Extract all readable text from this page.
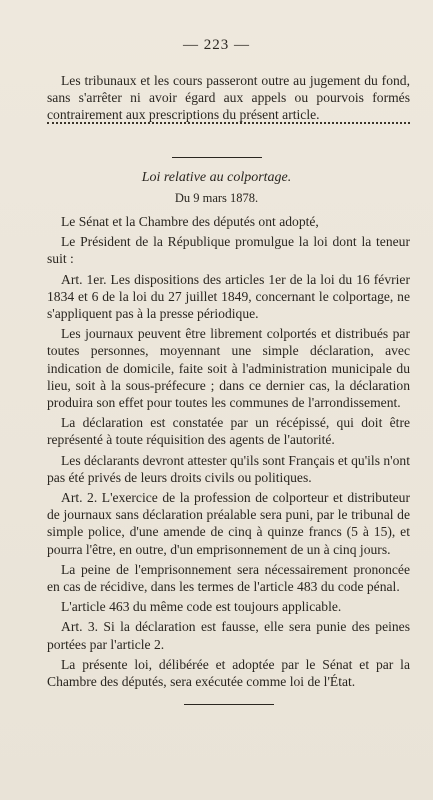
— 223 —

Les tribunaux et les cours passeront outre au jugement du fond, sans s'arrêter ni avoir égard aux appels ou pourvois formés contrairement aux prescriptions du présent article.

Loi relative au colportage.
Du 9 mars 1878.

Le Sénat et la Chambre des députés ont adopté,

Le Président de la République promulgue la loi dont la teneur suit :

Art. 1er. Les dispositions des articles 1er de la loi du 16 février 1834 et 6 de la loi du 27 juillet 1849, concernant le colportage, ne s'appliquent pas à la presse périodique.

Les journaux peuvent être librement colportés et distribués par toutes personnes, moyennant une simple déclaration, avec indication de domicile, faite soit à l'administration municipale du lieu, soit à la sous-préfecure ; dans ce dernier cas, la déclaration produira son effet pour toutes les communes de l'arrondissement.

La déclaration est constatée par un récépissé, qui doit être représenté à toute réquisition des agents de l'autorité.

Les déclarants devront attester qu'ils sont Français et qu'ils n'ont pas été privés de leurs droits civils ou politiques.

Art. 2. L'exercice de la profession de colporteur et distributeur de journaux sans déclaration préalable sera puni, par le tribunal de simple police, d'une amende de cinq à quinze francs (5 à 15), et pourra l'être, en outre, d'un emprisonnement de un à cinq jours.

La peine de l'emprisonnement sera nécessairement prononcée en cas de récidive, dans les termes de l'article 483 du code pénal.

L'article 463 du même code est toujours applicable.

Art. 3. Si la déclaration est fausse, elle sera punie des peines portées par l'article 2.

La présente loi, délibérée et adoptée par le Sénat et par la Chambre des députés, sera exécutée comme loi de l'État.
